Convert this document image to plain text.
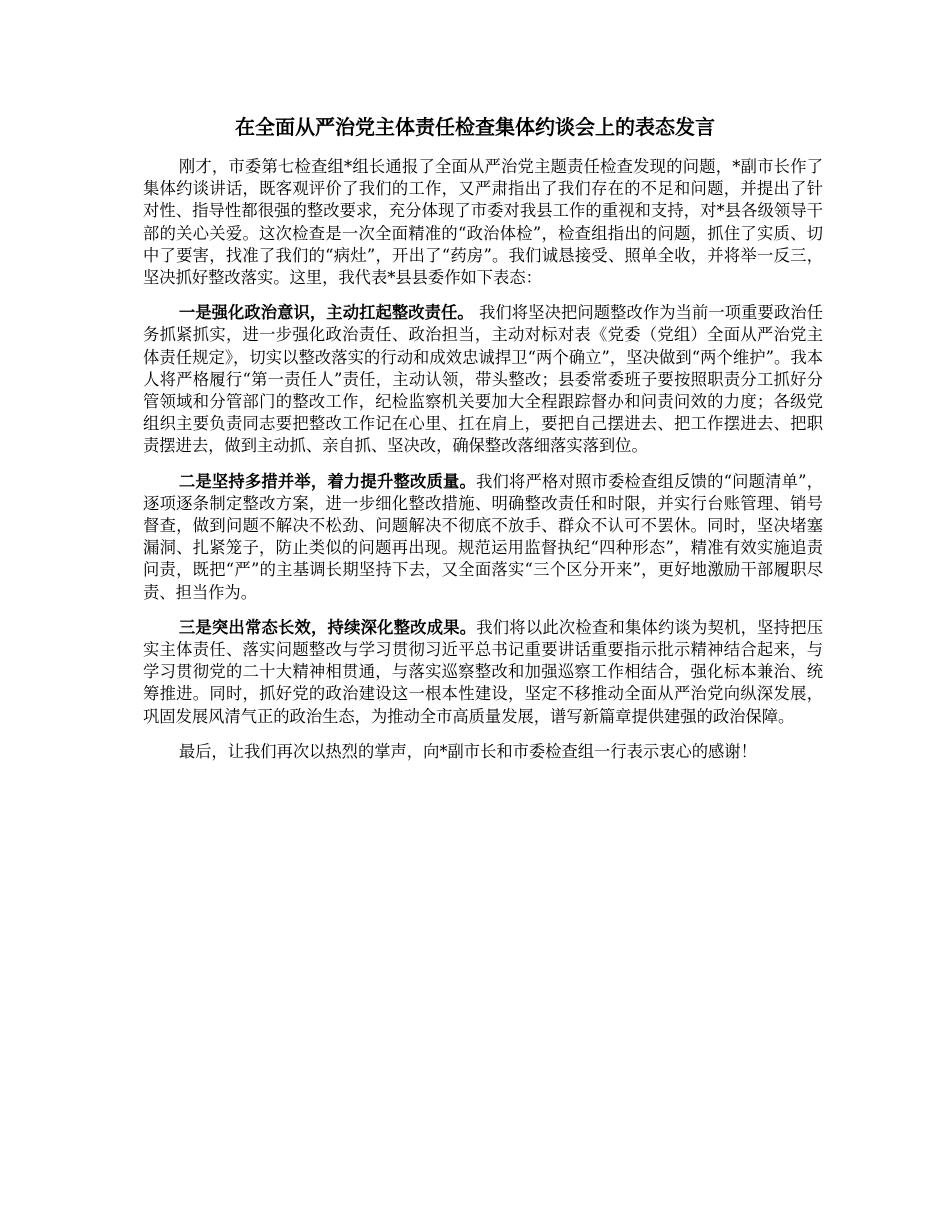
在全面从严治党主体责任检查集体约谈会上的表态发言

刚才，市委第七检查组*组长通报了全面从严治党主题责任检查发现的问题，*副市长作了集体约谈讲话，既客观评价了我们的工作，又严肃指出了我们存在的不足和问题，并提出了针对性、指导性都很强的整改要求，充分体现了市委对我县工作的重视和支持，对*县各级领导干部的关心关爱。这次检查是一次全面精准的“政治体检”，检查组指出的问题，抓住了实质、切中了要害，找准了我们的“病灶”，开出了“药房”。我们诚恳接受、照单全收，并将举一反三，坚决抓好整改落实。这里，我代表*县县委作如下表态：

一是强化政治意识，主动扛起整改责任。 我们将坚决把问题整改作为当前一项重要政治任务抓紧抓实，进一步强化政治责任、政治担当，主动对标对表《党委（党组）全面从严治党主体责任规定》，切实以整改落实的行动和成效忠诚捍卫“两个确立”，坚决做到“两个维护”。我本人将严格履行“第一责任人”责任，主动认领，带头整改；县委常委班子要按照职责分工抓好分管领域和分管部门的整改工作，纪检监察机关要加大全程跟踪督办和问责问效的力度；各级党组织主要负责同志要把整改工作记在心里、扛在肩上，要把自己摆进去、把工作摆进去、把职责摆进去，做到主动抓、亲自抓、坚决改，确保整改落细落实落到位。

二是坚持多措并举，着力提升整改质量。我们将严格对照市委检查组反馈的“问题清单”，逐项逐条制定整改方案，进一步细化整改措施、明确整改责任和时限，并实行台账管理、销号督查，做到问题不解决不松劲、问题解决不彻底不放手、群众不认可不罢休。同时，坚决堵塞漏洞、扎紧笼子，防止类似的问题再出现。规范运用监督执纪“四种形态”，精准有效实施追责问责，既把“严”的主基调长期坚持下去，又全面落实“三个区分开来”，更好地激励干部履职尽责、担当作为。

三是突出常态长效，持续深化整改成果。我们将以此次检查和集体约谈为契机，坚持把压实主体责任、落实问题整改与学习贯彻习近平总书记重要讲话重要指示批示精神结合起来，与学习贯彻党的二十大精神相贯通，与落实巡察整改和加强巡察工作相结合，强化标本兼治、统筹推进。同时，抓好党的政治建设这一根本性建设，坚定不移推动全面从严治党向纵深发展，巩固发展风清气正的政治生态，为推动全市高质量发展，谱写新篇章提供建强的政治保障。

最后，让我们再次以热烈的掌声，向*副市长和市委检查组一行表示衷心的感谢！
